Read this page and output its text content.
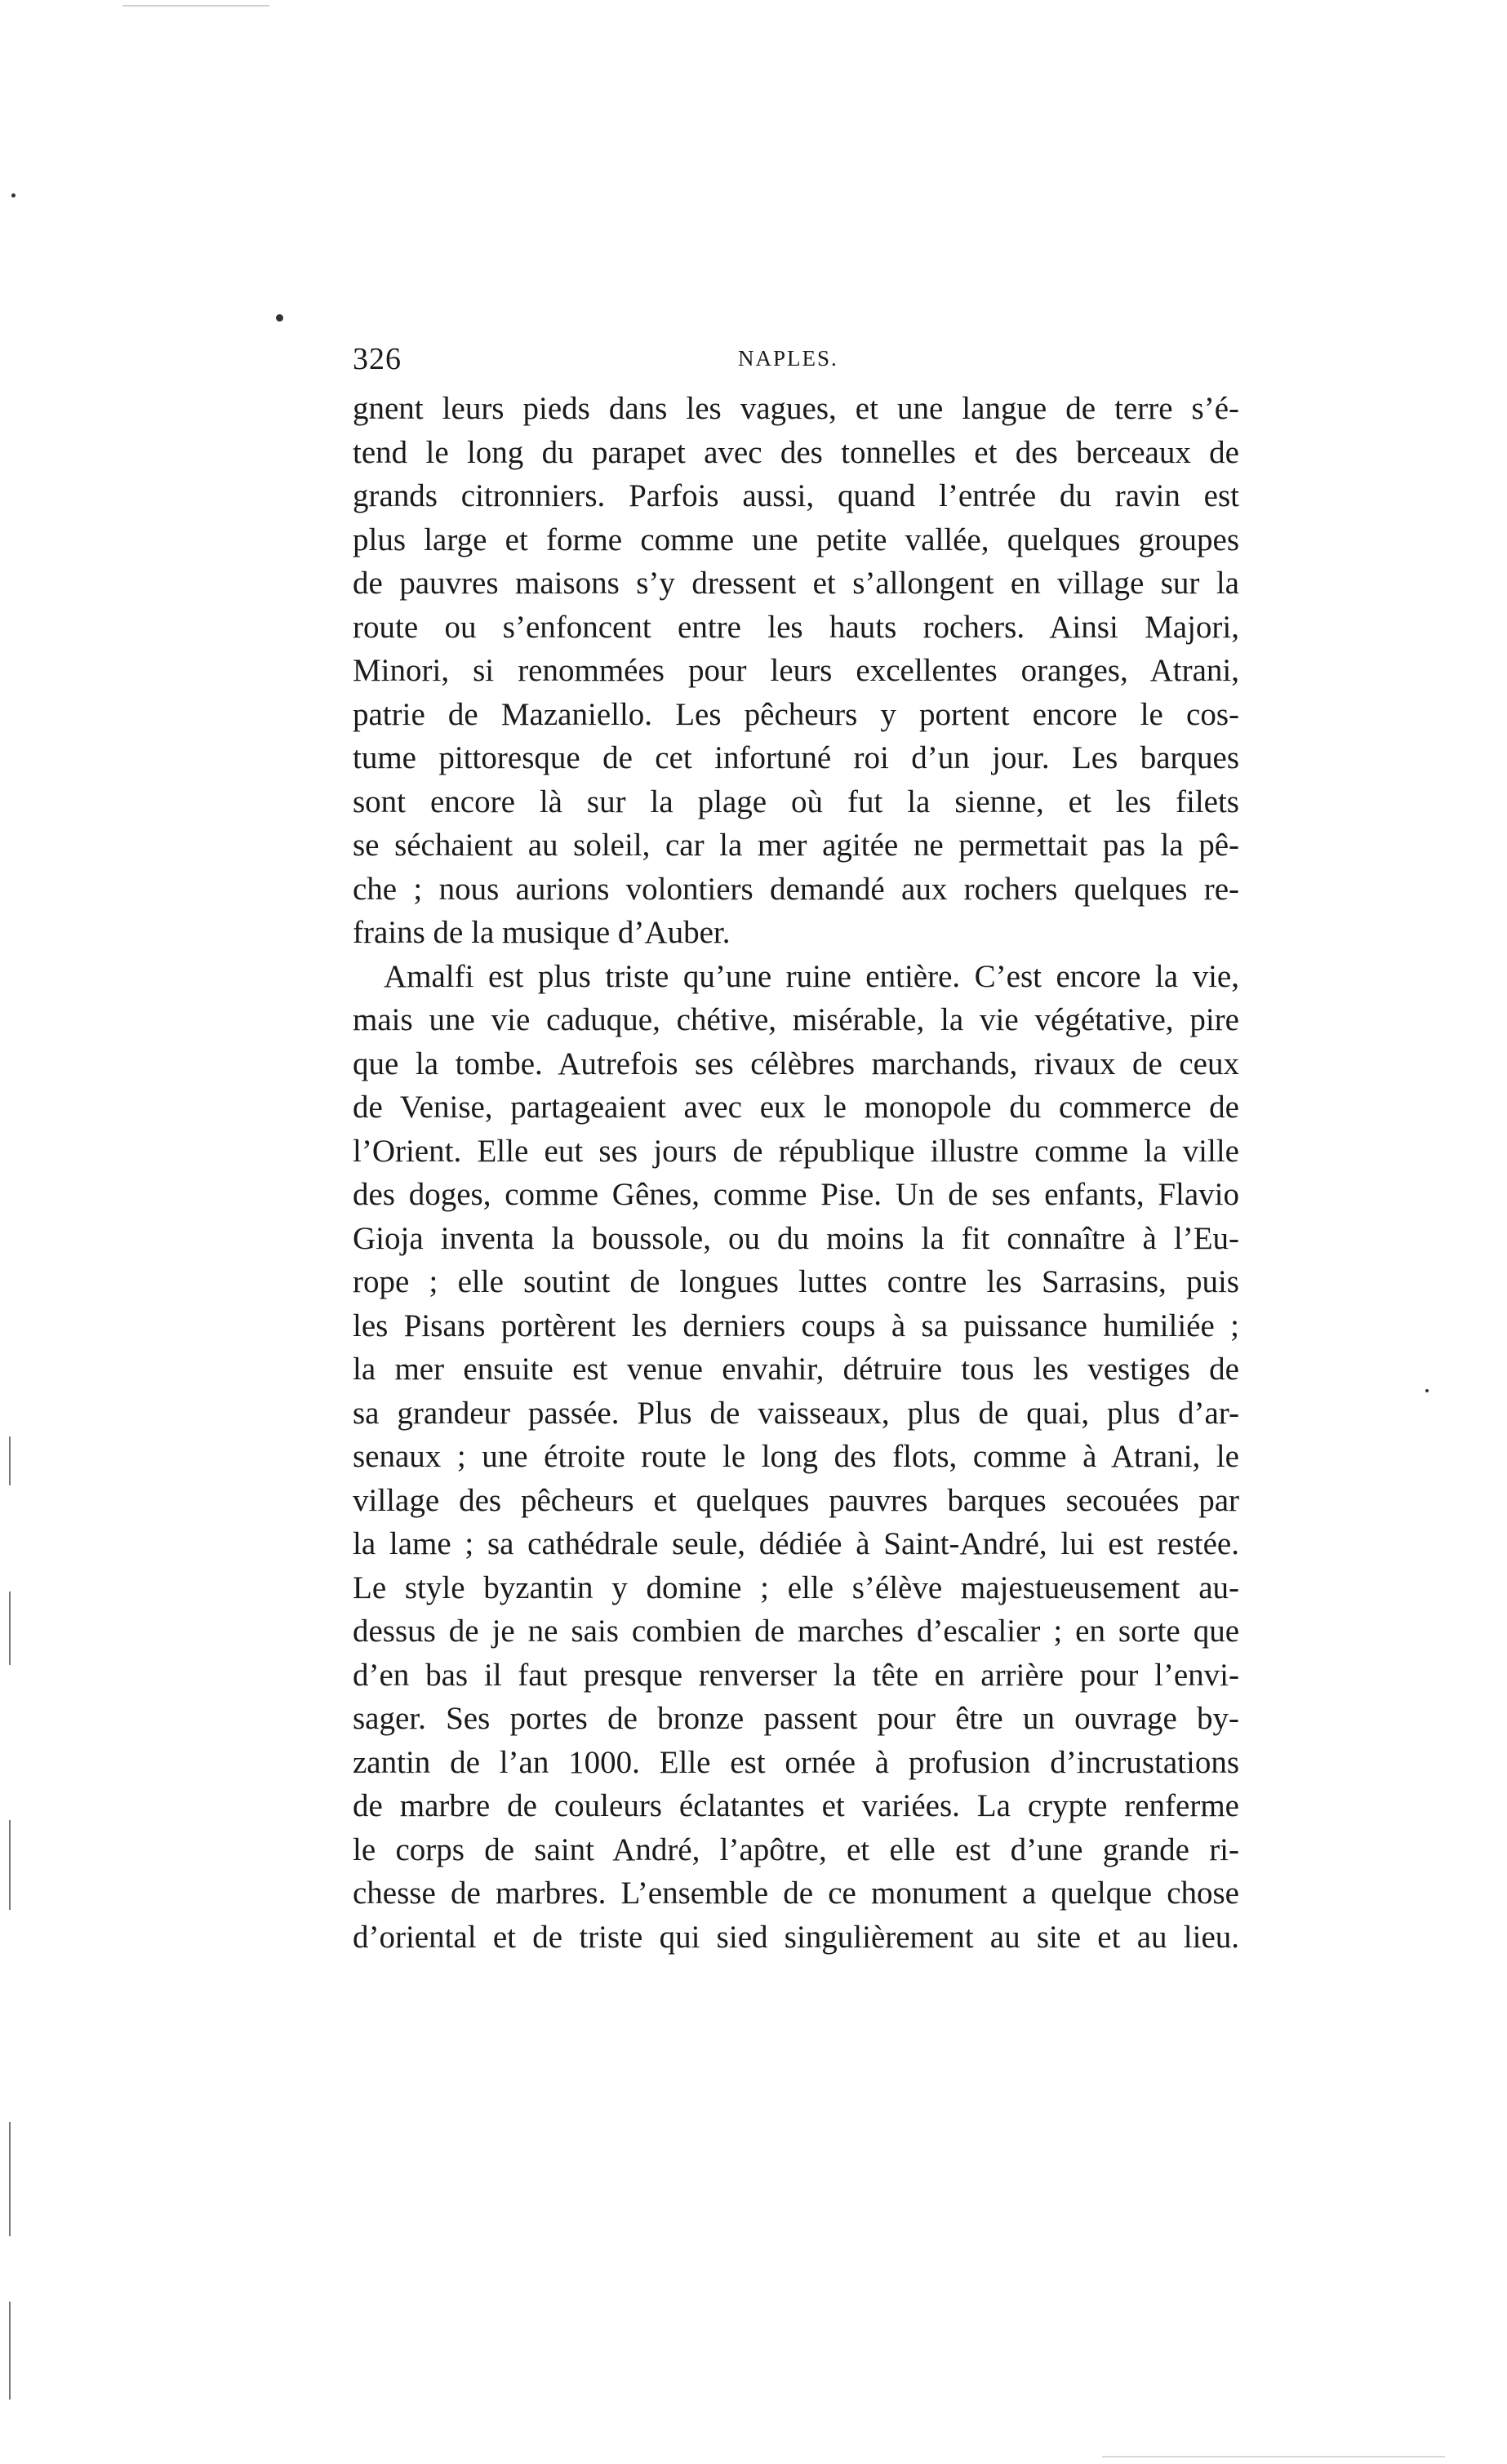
326	NAPLES.
gnent leurs pieds dans les vagues, et une langue de terre s’é-
tend le long du parapet avec des tonnelles et des berceaux de
grands citronniers. Parfois aussi, quand l’entrée du ravin est
plus large et forme comme une petite vallée, quelques groupes
de pauvres maisons s’y dressent et s’allongent en village sur la
route ou s’enfoncent entre les hauts rochers. Ainsi Majori,
Minori, si renommées pour leurs excellentes oranges, Atrani,
patrie de Mazaniello. Les pêcheurs y portent encore le cos-
tume pittoresque de cet infortuné roi d’un jour. Les barques
sont encore là sur la plage où fut la sienne, et les filets
se séchaient au soleil, car la mer agitée ne permettait pas la pê-
che ; nous aurions volontiers demandé aux rochers quelques re-
frains de la musique d’Auber.
Amalfi est plus triste qu’une ruine entière. C’est encore la vie,
mais une vie caduque, chétive, misérable, la vie végétative, pire
que la tombe. Autrefois ses célèbres marchands, rivaux de ceux
de Venise, partageaient avec eux le monopole du commerce de
l’Orient. Elle eut ses jours de république illustre comme la ville
des doges, comme Gênes, comme Pise. Un de ses enfants, Flavio
Gioja inventa la boussole, ou du moins la fit connaître à l’Eu-
rope ; elle soutint de longues luttes contre les Sarrasins, puis
les Pisans portèrent les derniers coups à sa puissance humiliée ;
la mer ensuite est venue envahir, détruire tous les vestiges de
sa grandeur passée. Plus de vaisseaux, plus de quai, plus d’ar-
senaux ; une étroite route le long des flots, comme à Atrani, le
village des pêcheurs et quelques pauvres barques secouées par
la lame ; sa cathédrale seule, dédiée à Saint-André, lui est restée.
Le style byzantin y domine ; elle s’élève majestueusement au-
dessus de je ne sais combien de marches d’escalier ; en sorte que
d’en bas il faut presque renverser la tête en arrière pour l’envi-
sager. Ses portes de bronze passent pour être un ouvrage by-
zantin de l’an 1000. Elle est ornée à profusion d’incrustations
de marbre de couleurs éclatantes et variées. La crypte renferme
le corps de saint André, l’apôtre, et elle est d’une grande ri-
chesse de marbres. L’ensemble de ce monument a quelque chose
d’oriental et de triste qui sied singulièrement au site et au lieu.
